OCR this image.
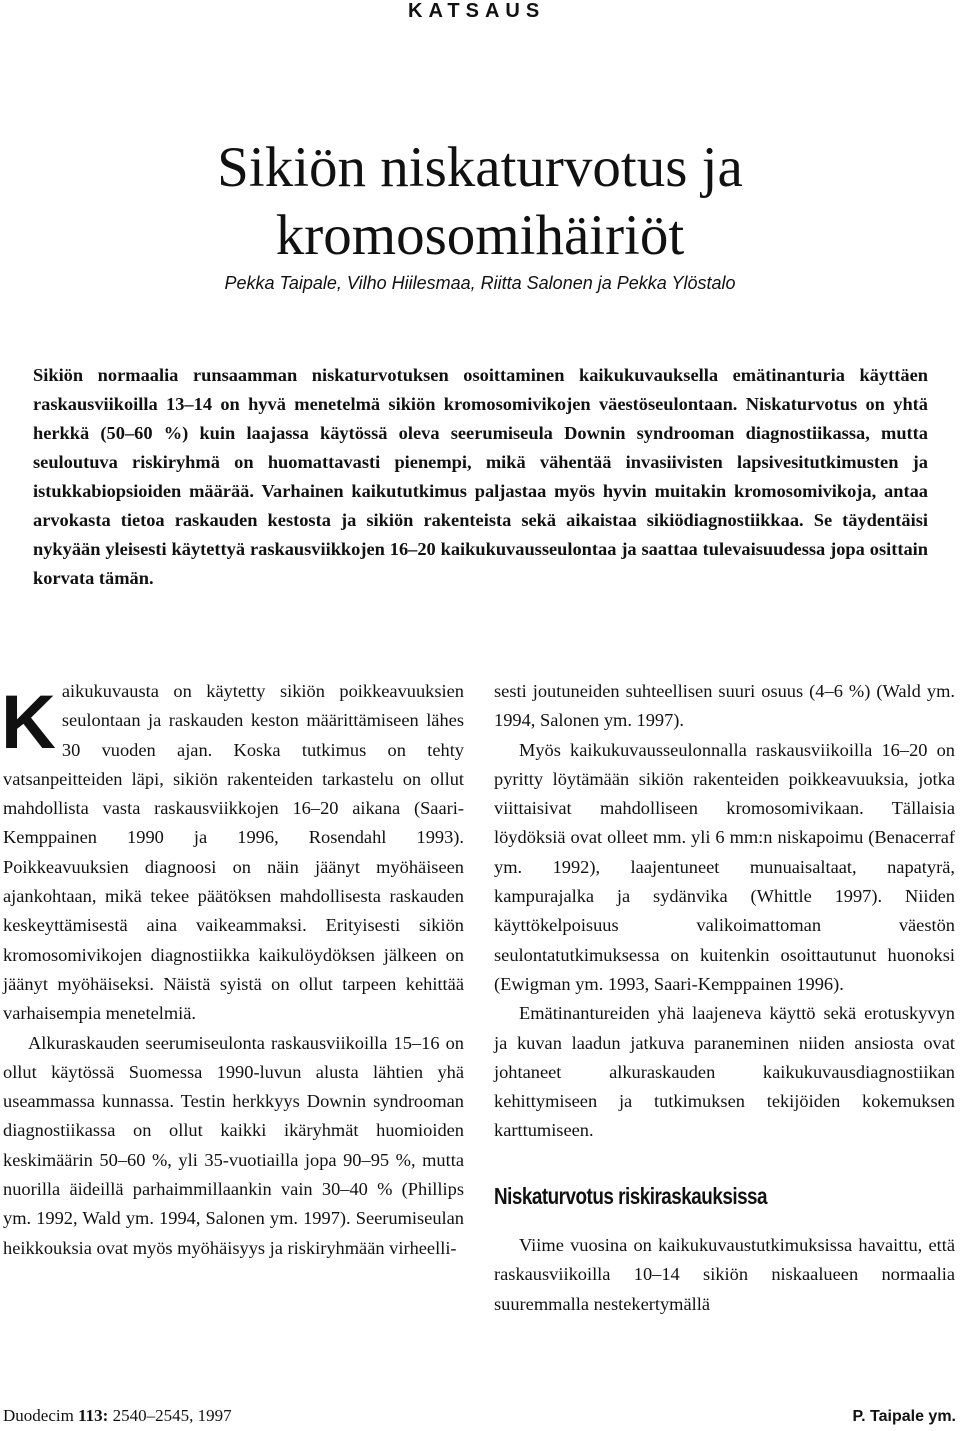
KATSAUS
Sikiön niskaturvotus ja
kromosomihäiriöt
Pekka Taipale, Vilho Hiilesmaa, Riitta Salonen ja Pekka Ylöstalo

Sikiön normaalia runsaamman niskaturvotuksen osoittaminen kaikukuvauksella emätinanturia käyttäen raskausviikoilla 13–14 on hyvä menetelmä sikiön kromosomivikojen väestöseulontaan. Niskaturvotus on yhtä herkkä (50–60 %) kuin laajassa käytössä oleva seerumiseula Downin syndrooman diagnostiikassa, mutta seuloutuva riskiryhmä on huomattavasti pienempi, mikä vähentää invasiivisten lapsivesitutkimusten ja istukkabiopsioiden määrää. Varhainen kaikututkimus paljastaa myös hyvin muitakin kromosomivikoja, antaa arvokasta tietoa raskauden kestosta ja sikiön rakenteista sekä aikaistaa sikiödiagnostiikkaa. Se täydentäisi nykyään yleisesti käytettyä raskausviikkojen 16–20 kaikukuvausseulontaa ja saattaa tulevaisuudessa jopa osittain korvata tämän.

Kaikukuvausta on käytetty sikiön poikkeavuuksien seulontaan ja raskauden keston määrittämiseen lähes 30 vuoden ajan. Koska tutkimus on tehty vatsanpeitteiden läpi, sikiön rakenteiden tarkastelu on ollut mahdollista vasta raskausviikkojen 16–20 aikana (Saari-Kemppainen 1990 ja 1996, Rosendahl 1993). Poikkeavuuksien diagnoosi on näin jäänyt myöhäiseen ajankohtaan, mikä tekee päätöksen mahdollisesta raskauden keskeyttämisestä aina vaikeammaksi. Erityisesti sikiön kromosomivikojen diagnostiikka kaikulöydöksen jälkeen on jäänyt myöhäiseksi. Näistä syistä on ollut tarpeen kehittää varhaisempia menetelmiä.

Alkuraskauden seerumiseulonta raskausviikoilla 15–16 on ollut käytössä Suomessa 1990-luvun alusta lähtien yhä useammassa kunnassa. Testin herkkyys Downin syndrooman diagnostiikassa on ollut kaikki ikäryhmät huomioiden keskimäärin 50–60 %, yli 35-vuotiailla jopa 90–95 %, mutta nuorilla äideillä parhaimmillaankin vain 30–40 % (Phillips ym. 1992, Wald ym. 1994, Salonen ym. 1997). Seerumiseulan heikkouksia ovat myös myöhäisyys ja riskiryhmään virheelli-

sesti joutuneiden suhteellisen suuri osuus (4–6 %) (Wald ym. 1994, Salonen ym. 1997).

Myös kaikukuvausseulonnalla raskausviikoilla 16–20 on pyritty löytämään sikiön rakenteiden poikkeavuuksia, jotka viittaisivat mahdolliseen kromosomivikaan. Tällaisia löydöksiä ovat olleet mm. yli 6 mm:n niskapoimu (Benacerraf ym. 1992), laajentuneet munuaisaltaat, napatyrä, kampurajalka ja sydänvika (Whittle 1997). Niiden käyttökelpoisuus valikoimattoman väestön seulontatutkimuksessa on kuitenkin osoittautunut huonoksi (Ewigman ym. 1993, Saari-Kemppainen 1996).

Emätinantureiden yhä laajeneva käyttö sekä erotuskyvyn ja kuvan laadun jatkuva paraneminen niiden ansiosta ovat johtaneet alkuraskauden kaikukuvausdiagnostiikan kehittymiseen ja tutkimuksen tekijöiden kokemuksen karttumiseen.

Niskaturvotus riskiraskauksissa

Viime vuosina on kaikukuvaustutkimuksissa havaittu, että raskausviikoilla 10–14 sikiön niskaalueen normaalia suuremmalla nestekertymällä

Duodecim 113: 2540–2545, 1997	P. Taipale ym.
